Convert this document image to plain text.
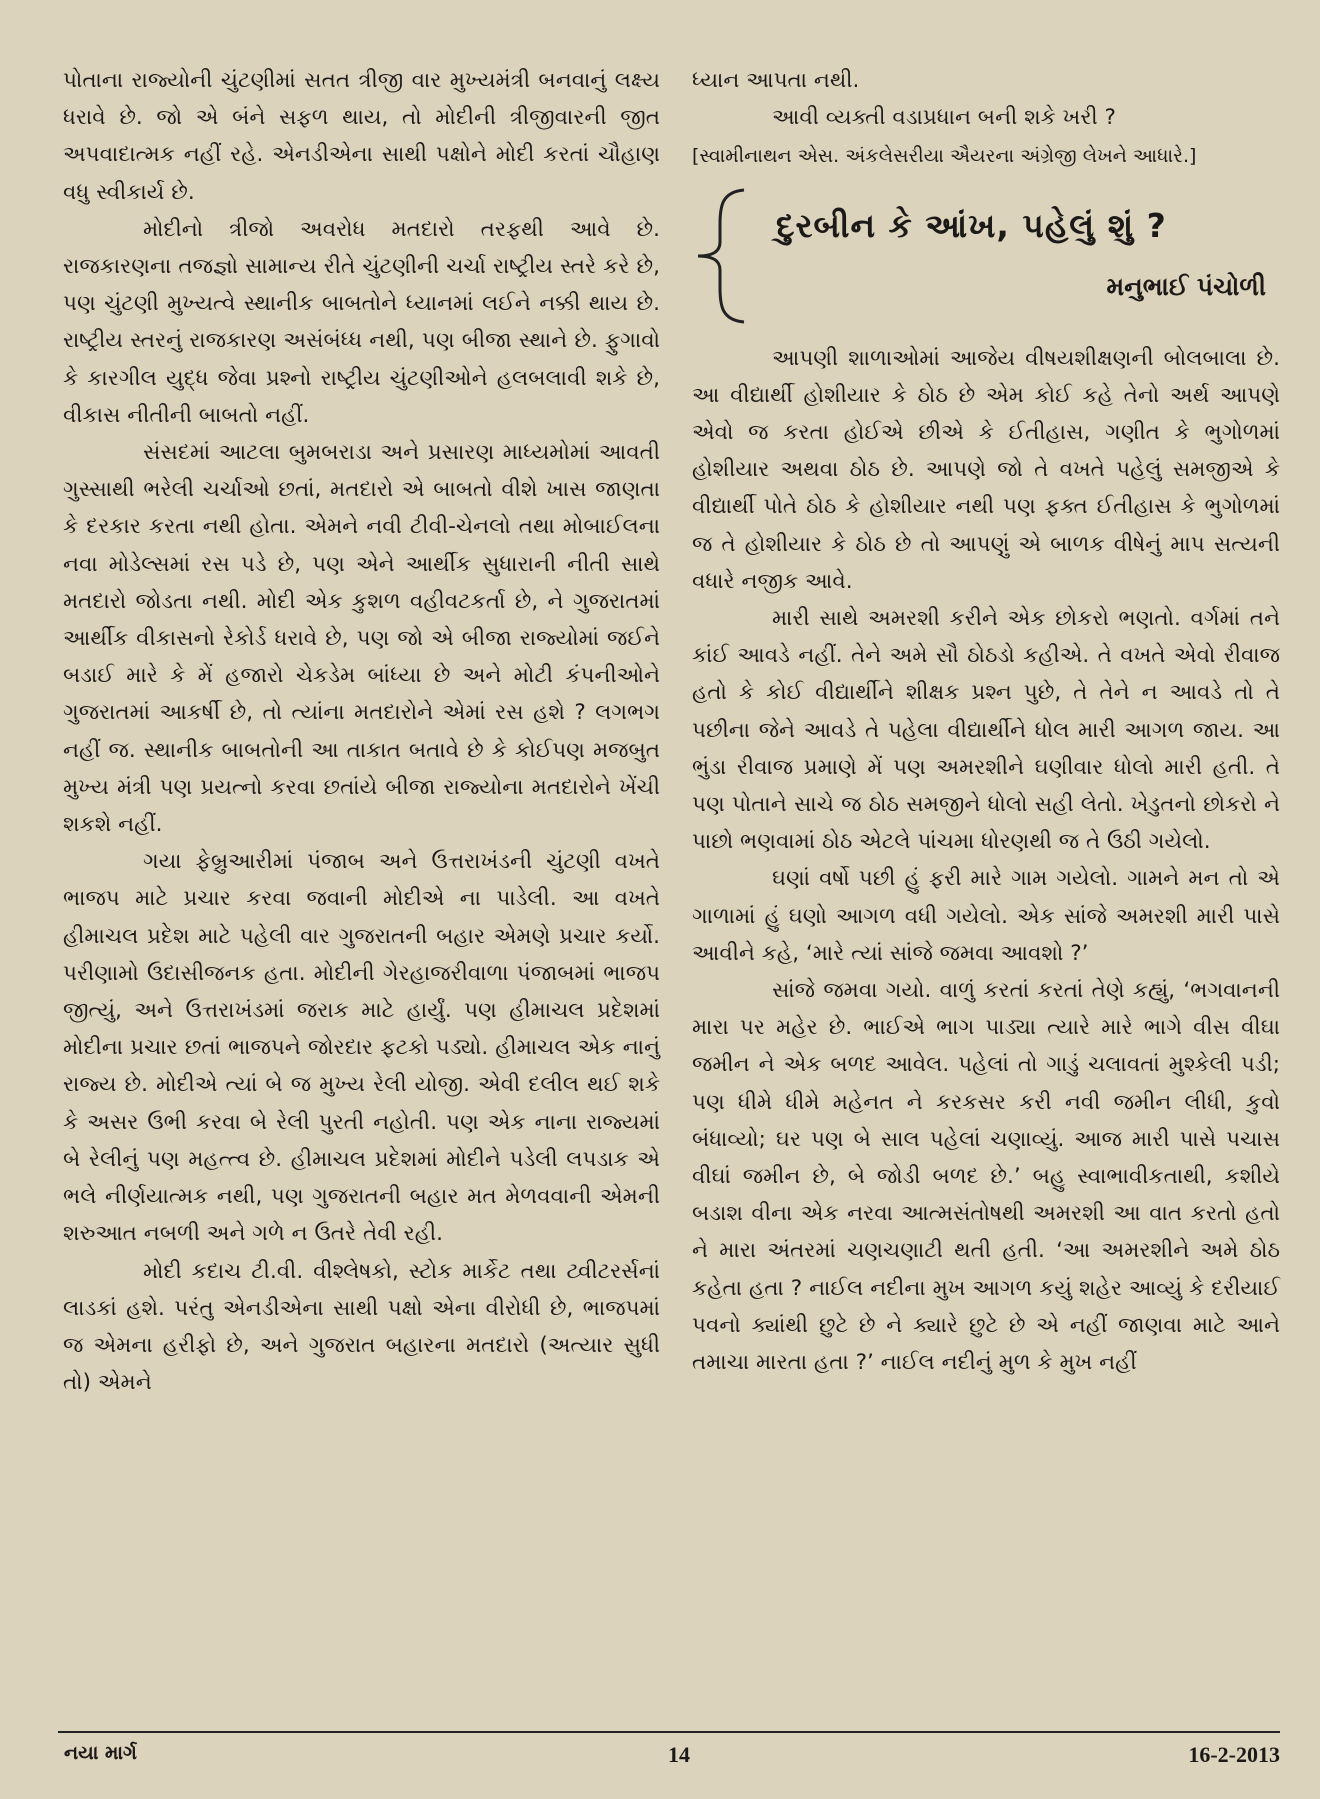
પોતાના રાજ્યોની ચુંટણીમાં સતત ત્રીજી વાર મુખ્યમંત્રી બનવાનું લક્ષ્ય ધરાવે છે. જો એ બંને સફળ થાય, તો મોદીની ત્રીજીવારની જીત અપવાદાત્મક નહીં રહે. એનડીએના સાથી પક્ષોને મોદી કરતાં ચૌહાણ વધુ સ્વીકાર્ય છે.

મોદીનો ત્રીજો અવરોધ મતદારો તરફથી આવે છે. રાજકારણના તજજ્ઞો સામાન્ય રીતે ચુંટણીની ચર્ચા રાષ્ટ્રીય સ્તરે કરે છે, પણ ચુંટણી મુખ્યત્વે સ્થાનીક બાબતોને ધ્યાનમાં લઈને નક્કી થાય છે. રાષ્ટ્રીય સ્તરનું રાજકારણ અસંબંધ્ધ નથી, પણ બીજા સ્થાને છે. ફુગાવો કે કારગીલ યુદ્ધ જેવા પ્રશ્નો રાષ્ટ્રીય ચુંટણીઓને હલબલાવી શકે છે, વીકાસ નીતીની બાબતો નહીં.

સંસદમાં આટલા બુમબરાડા અને પ્રસારણ માધ્યમોમાં આવતી ગુસ્સાથી ભરેલી ચર્ચાઓ છતાં, મતદારો એ બાબતો વીશે ખાસ જાણતા કે દરકાર કરતા નથી હોતા. એમને નવી ટીવી-ચેનલો તથા મોબાઈલના નવા મોડેલ્સમાં રસ પડે છે, પણ એને આર્થીક સુધારાની નીતી સાથે મતદારો જોડતા નથી. મોદી એક કુશળ વહીવટકર્તા છે, ને ગુજરાતમાં આર્થીક વીકાસનો રેકોર્ડ ધરાવે છે, પણ જો એ બીજા રાજ્યોમાં જઈને બડાઈ મારે કે મેં હજારો ચેકડેમ બાંધ્યા છે અને મોટી કંપનીઓને ગુજરાતમાં આકર્ષી છે, તો ત્યાંના મતદારોને એમાં રસ હશે ? લગભગ નહીં જ. સ્થાનીક બાબતોની આ તાકાત બતાવે છે કે કોઈપણ મજબુત મુખ્ય મંત્રી પણ પ્રયત્નો કરવા છતાંયે બીજા રાજ્યોના મતદારોને ખેંચી શકશે નહીં.

ગયા ફેબ્રુઆરીમાં પંજાબ અને ઉત્તરાખંડની ચુંટણી વખતે ભાજપ માટે પ્રચાર કરવા જવાની મોદીએ ના પાડેલી. આ વખતે હીમાચલ પ્રદેશ માટે પહેલી વાર ગુજરાતની બહાર એમણે પ્રચાર કર્યો. પરીણામો ઉદાસીજનક હતા. મોદીની ગેરહાજરીવાળા પંજાબમાં ભાજપ જીત્યું, અને ઉત્તરાખંડમાં જરાક માટે હાર્યું. પણ હીમાચલ પ્રદેશમાં મોદીના પ્રચાર છતાં ભાજપને જોરદાર ફટકો પડ્યો. હીમાચલ એક નાનું રાજ્ય છે. મોદીએ ત્યાં બે જ મુખ્ય રેલી યોજી. એવી દલીલ થઈ શકે કે અસર ઉભી કરવા બે રેલી પુરતી નહોતી. પણ એક નાના રાજ્યમાં બે રેલીનું પણ મહત્ત્વ છે. હીમાચલ પ્રદેશમાં મોદીને પડેલી લપડાક એ ભલે નીર્ણયાત્મક નથી, પણ ગુજરાતની બહાર મત મેળવવાની એમની શરુઆત નબળી અને ગળે ન ઉતરે તેવી રહી.

મોદી કદાચ ટી.વી. વીશ્લેષકો, સ્ટોક માર્કેટ તથા ટ્વીટરર્સનાં લાડકાં હશે. પરંતુ એનડીએના સાથી પક્ષો એના વીરોધી છે, ભાજપમાં જ એમના હરીફો છે, અને ગુજરાત બહારના મતદારો (અત્યાર સુધી તો) એમને

ધ્યાન આપતા નથી.

આવી વ્યક્તી વડાપ્રધાન બની શકે ખરી ?

[સ્વામીનાથન એસ. અંકલેસરીયા ઐયરના અંગ્રેજી લેખને આધારે.]

દુરબીન કે આંખ, પહેલું શું ?
મનુભાઈ પંચોળી

આપણી શાળાઓમાં આજેય વીષયશીક્ષણની બોલબાલા છે. આ વીદ્યાર્થી હોશીયાર કે ઠોઠ છે એમ કોઈ કહે તેનો અર્થ આપણે એવો જ કરતા હોઈએ છીએ કે ઈતીહાસ, ગણીત કે ભુગોળમાં હોશીયાર અથવા ઠોઠ છે. આપણે જો તે વખતે પહેલું સમજીએ કે વીદ્યાર્થી પોતે ઠોઠ કે હોશીયાર નથી પણ ફક્ત ઈતીહાસ કે ભુગોળમાં જ તે હોશીયાર કે ઠોઠ છે તો આપણું એ બાળક વીષેનું માપ સત્યની વધારે નજીક આવે.

મારી સાથે અમરશી કરીને એક છોકરો ભણતો. વર્ગમાં તને કાંઈ આવડે નહીં. તેને અમે સૌ ઠોઠડો કહીએ. તે વખતે એવો રીવાજ હતો કે કોઈ વીદ્યાર્થીને શીક્ષક પ્રશ્ન પુછે, તે તેને ન આવડે તો તે પછીના જેને આવડે તે પહેલા વીદ્યાર્થીને ધોલ મારી આગળ જાય. આ ભુંડા રીવાજ પ્રમાણે મેં પણ અમરશીને ઘણીવાર ધોલો મારી હતી. તે પણ પોતાને સાચે જ ઠોઠ સમજીને ધોલો સહી લેતો. ખેડુતનો છોકરો ને પાછો ભણવામાં ઠોઠ એટલે પાંચમા ધોરણથી જ તે ઉઠી ગયેલો.

ઘણાં વર્ષો પછી હું ફરી મારે ગામ ગયેલો. ગામને મન તો એ ગાળામાં હું ઘણો આગળ વધી ગયેલો. એક સાંજે અમરશી મારી પાસે આવીને કહે, ‘મારે ત્યાં સાંજે જમવા આવશો ?’

સાંજે જમવા ગયો. વાળું કરતાં કરતાં તેણે કહ્યું, ‘ભગવાનની મારા પર મહેર છે. ભાઈએ ભાગ પાડ્યા ત્યારે મારે ભાગે વીસ વીઘા જમીન ને એક બળદ આવેલ. પહેલાં તો ગાડું ચલાવતાં મુશ્કેલી પડી; પણ ધીમે ધીમે મહેનત ને કરકસર કરી નવી જમીન લીધી, કુવો બંધાવ્યો; ઘર પણ બે સાલ પહેલાં ચણાવ્યું. આજ મારી પાસે પચાસ વીઘાં જમીન છે, બે જોડી બળદ છે.’ બહુ સ્વાભાવીકતાથી, કશીયે બડાશ વીના એક નરવા આત્મસંતોષથી અમરશી આ વાત કરતો હતો ને મારા અંતરમાં ચણચણાટી થતી હતી. ‘આ અમરશીને અમે ઠોઠ કહેતા હતા ? નાઈલ નદીના મુખ આગળ કયું શહેર આવ્યું કે દરીયાઈ પવનો ક્યાંથી છુટે છે ને ક્યારે છુટે છે એ નહીં જાણવા માટે આને તમાચા મારતા હતા ?’ નાઈલ નદીનું મુળ કે મુખ નહીં

નયા માર્ગ	14	16-2-2013
